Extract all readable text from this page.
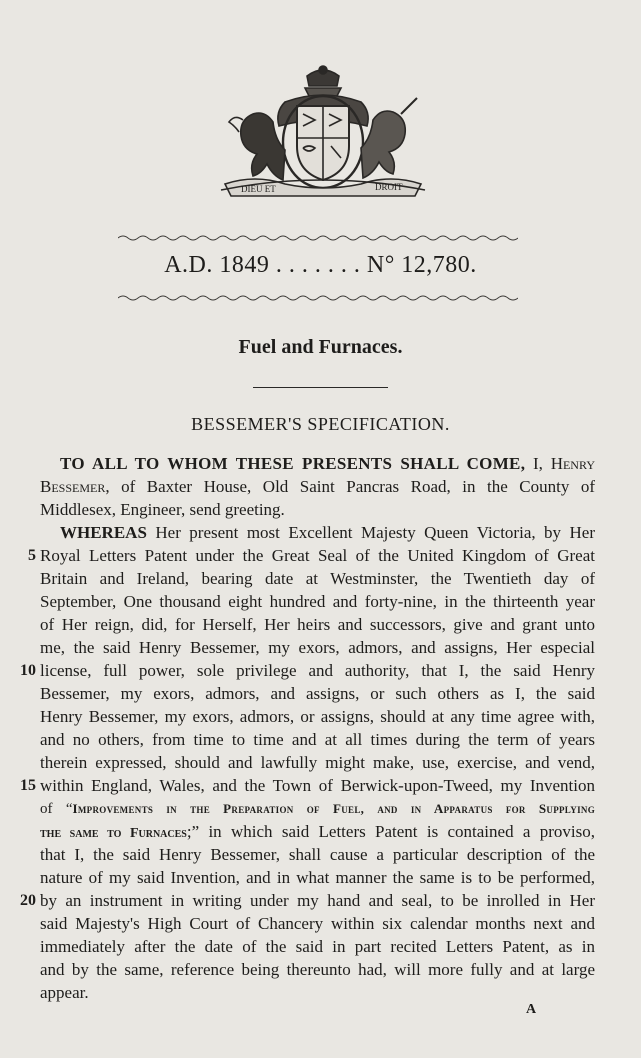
DIEU ET	DROIT
A.D. 1849 . . . . . . . N° 12,780.
Fuel and Furnaces.
BESSEMER'S SPECIFICATION.
TO ALL TO WHOM THESE PRESENTS SHALL COME, I, Henry
Bessemer, of Baxter House, Old Saint Pancras Road, in the County of
Middlesex, Engineer, send greeting.
WHEREAS Her present most Excellent Majesty Queen Victoria, by Her
5 Royal Letters Patent under the Great Seal of the United Kingdom of Great
Britain and Ireland, bearing date at Westminster, the Twentieth day of
September, One thousand eight hundred and forty-nine, in the thirteenth year
of Her reign, did, for Herself, Her heirs and successors, give and grant unto
me, the said Henry Bessemer, my exors, admors, and assigns, Her especial
10 license, full power, sole privilege and authority, that I, the said Henry
Bessemer, my exors, admors, and assigns, or such others as I, the said
Henry Bessemer, my exors, admors, or assigns, should at any time agree with,
and no others, from time to time and at all times during the term of years
therein expressed, should and lawfully might make, use, exercise, and vend,
15 within England, Wales, and the Town of Berwick-upon-Tweed, my Invention
of “Improvements in the Preparation of Fuel, and in Apparatus for Supplying
the same to Furnaces;” in which said Letters Patent is contained a proviso,
that I, the said Henry Bessemer, shall cause a particular description of the
nature of my said Invention, and in what manner the same is to be performed,
20 by an instrument in writing under my hand and seal, to be inrolled in Her
said Majesty's High Court of Chancery within six calendar months next and
immediately after the date of the said in part recited Letters Patent, as in
and by the same, reference being thereunto had, will more fully and at large
appear.
A
